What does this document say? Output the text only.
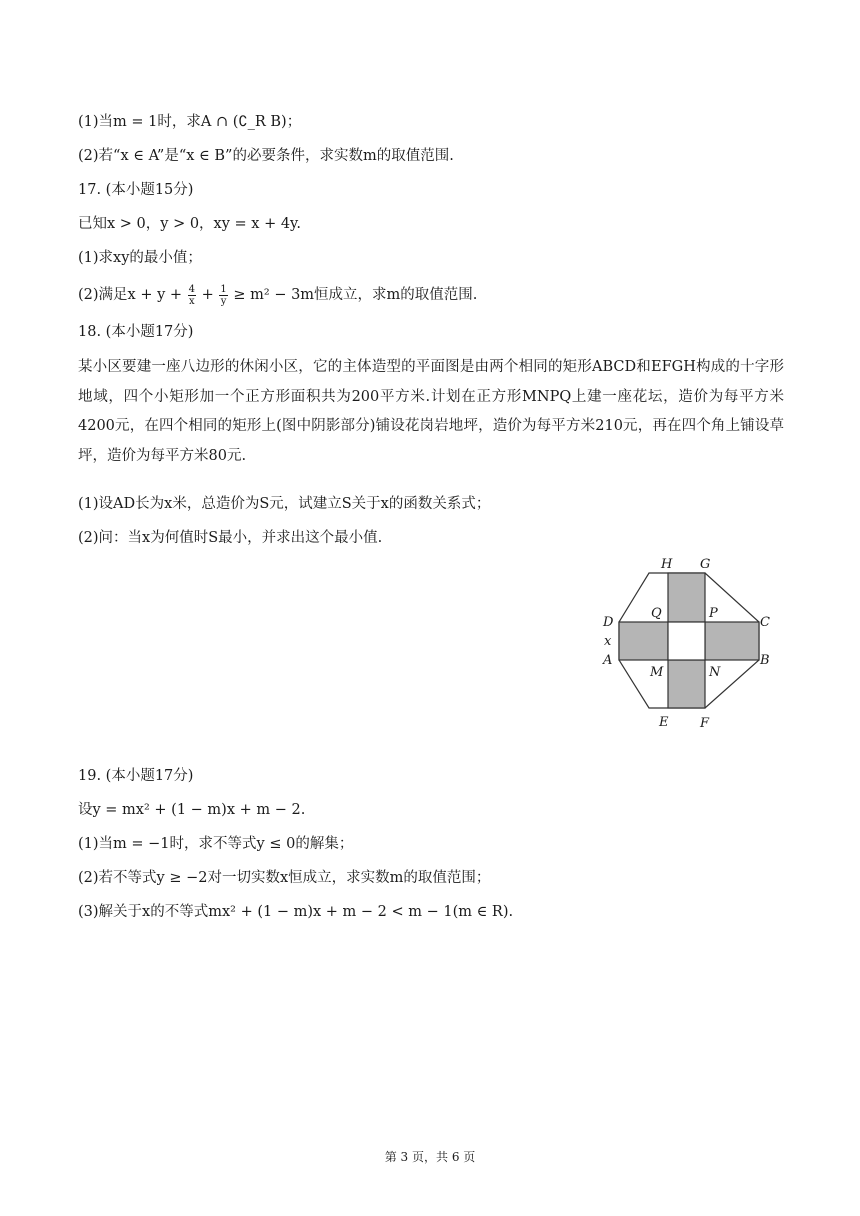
(1)当m = 1时，求A ∩ (∁_R B)；
(2)若“x ∈ A”是“x ∈ B”的必要条件，求实数m的取值范围.
17. (本小题15分)
已知x > 0，y > 0，xy = x + 4y.
(1)求xy的最小值；
(2)满足$x + y + \frac{4}{x} + \frac{1}{y} \ge m^2 - 3m$恒成立，求m的取值范围.
18. (本小题17分)
某小区要建一座八边形的休闲小区，它的主体造型的平面图是由两个相同的矩形ABCD和EFGH构成的十字形地域，四个小矩形加一个正方形面积共为200平方米.计划在正方形MNPQ上建一座花坛，造价为每平方米4200元，在四个相同的矩形上(图中阴影部分)铺设花岗岩地坪，造价为每平方米210元，再在四个角上铺设草坪，造价为每平方米80元.
(1)设AD长为x米，总造价为S元，试建立S关于x的函数关系式；
(2)问：当x为何值时S最小，并求出这个最小值.
H G
D	C
x
A	B
Q	P
M	N
E F
19. (本小题17分)
设y = mx² + (1 − m)x + m − 2.
(1)当m = −1时，求不等式y ≤ 0的解集；
(2)若不等式y ≥ −2对一切实数x恒成立，求实数m的取值范围；
(3)解关于x的不等式mx² + (1 − m)x + m − 2 < m − 1(m ∈ R).
第 3 页，共 6 页
